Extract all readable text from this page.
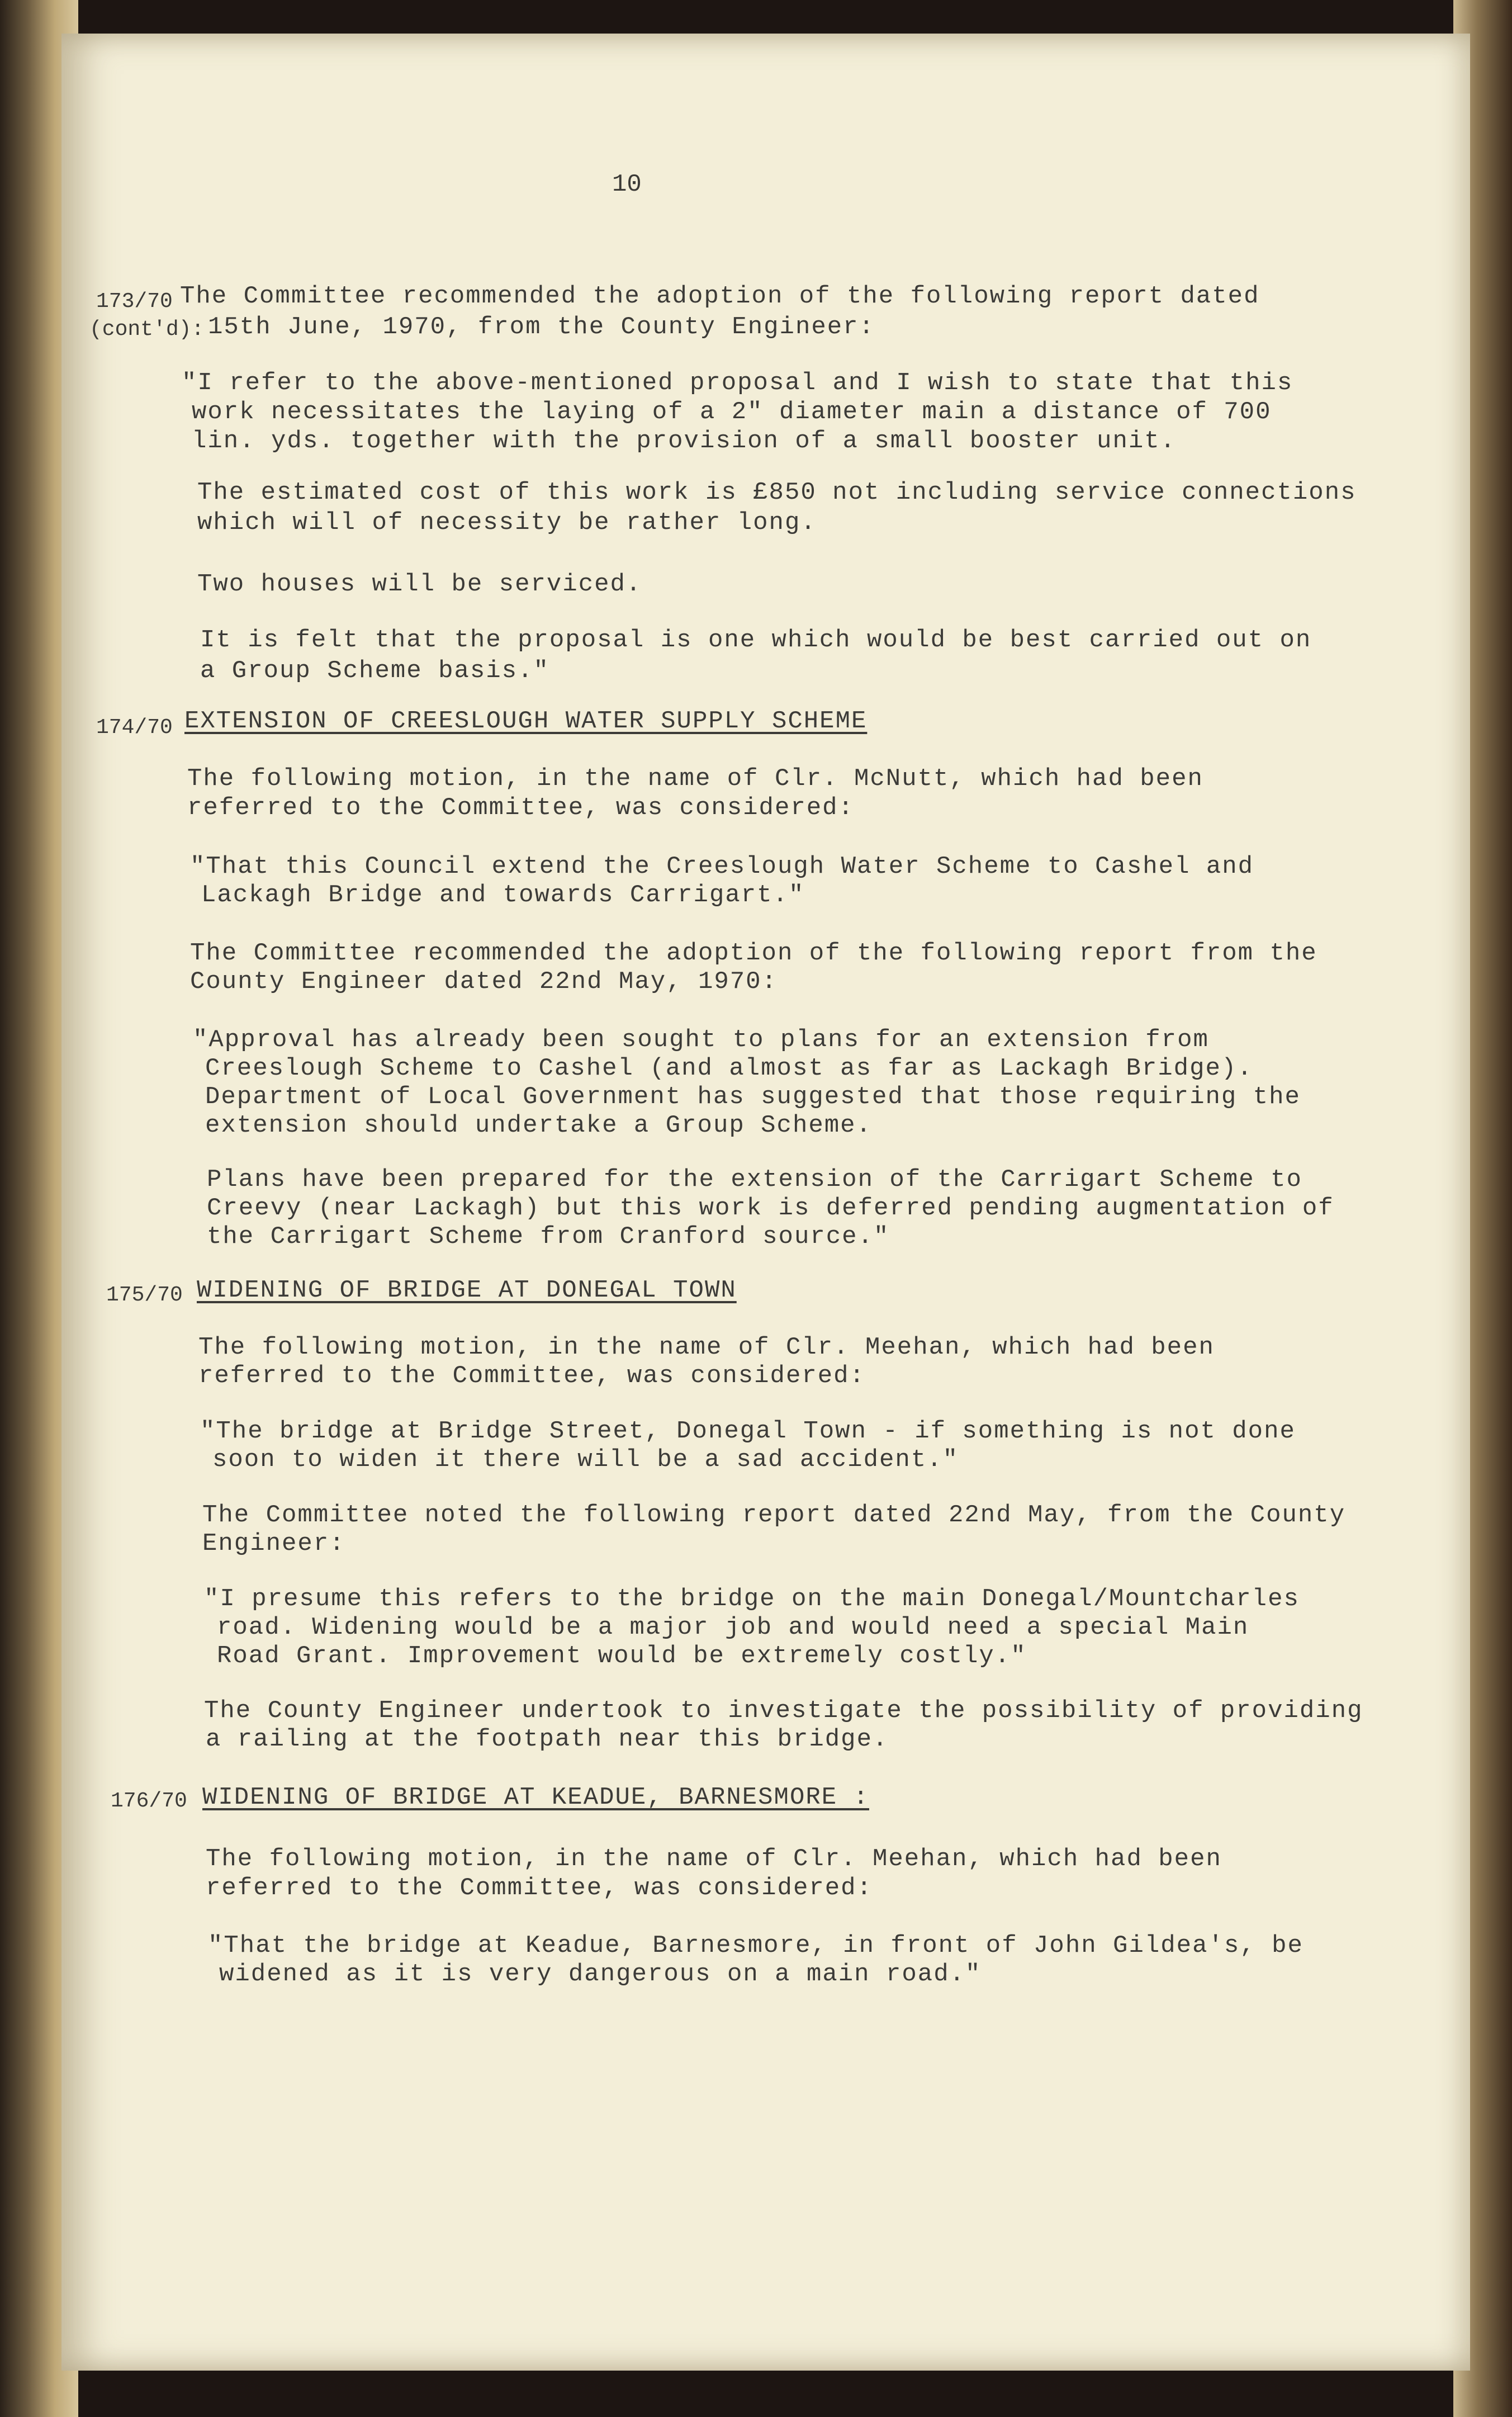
10
173/70
(cont'd):
The Committee recommended the adoption of the following report dated
15th June, 1970, from the County Engineer:
"I refer to the above-mentioned proposal and I wish to state that this
work necessitates the laying of a 2" diameter main a distance of 700
lin. yds. together with the provision of a small booster unit.
The estimated cost of this work is £850 not including service connections
which will of necessity be rather long.
Two houses will be serviced.
It is felt that the proposal is one which would be best carried out on
a Group Scheme basis."
174/70 EXTENSION OF CREESLOUGH WATER SUPPLY SCHEME
The following motion, in the name of Clr. McNutt, which had been
referred to the Committee, was considered:
"That this Council extend the Creeslough Water Scheme to Cashel and
Lackagh Bridge and towards Carrigart."
The Committee recommended the adoption of the following report from the
County Engineer dated 22nd May, 1970:
"Approval has already been sought to plans for an extension from
Creeslough Scheme to Cashel (and almost as far as Lackagh Bridge).
Department of Local Government has suggested that those requiring the
extension should undertake a Group Scheme.
Plans have been prepared for the extension of the Carrigart Scheme to
Creevy (near Lackagh) but this work is deferred pending augmentation of
the Carrigart Scheme from Cranford source."
175/70 WIDENING OF BRIDGE AT DONEGAL TOWN
The following motion, in the name of Clr. Meehan, which had been
referred to the Committee, was considered:
"The bridge at Bridge Street, Donegal Town - if something is not done
soon to widen it there will be a sad accident."
The Committee noted the following report dated 22nd May, from the County
Engineer:
"I presume this refers to the bridge on the main Donegal/Mountcharles
road. Widening would be a major job and would need a special Main
Road Grant. Improvement would be extremely costly."
The County Engineer undertook to investigate the possibility of providing
a railing at the footpath near this bridge.
176/70 WIDENING OF BRIDGE AT KEADUE, BARNESMORE :
The following motion, in the name of Clr. Meehan, which had been
referred to the Committee, was considered:
"That the bridge at Keadue, Barnesmore, in front of John Gildea's, be
widened as it is very dangerous on a main road."
